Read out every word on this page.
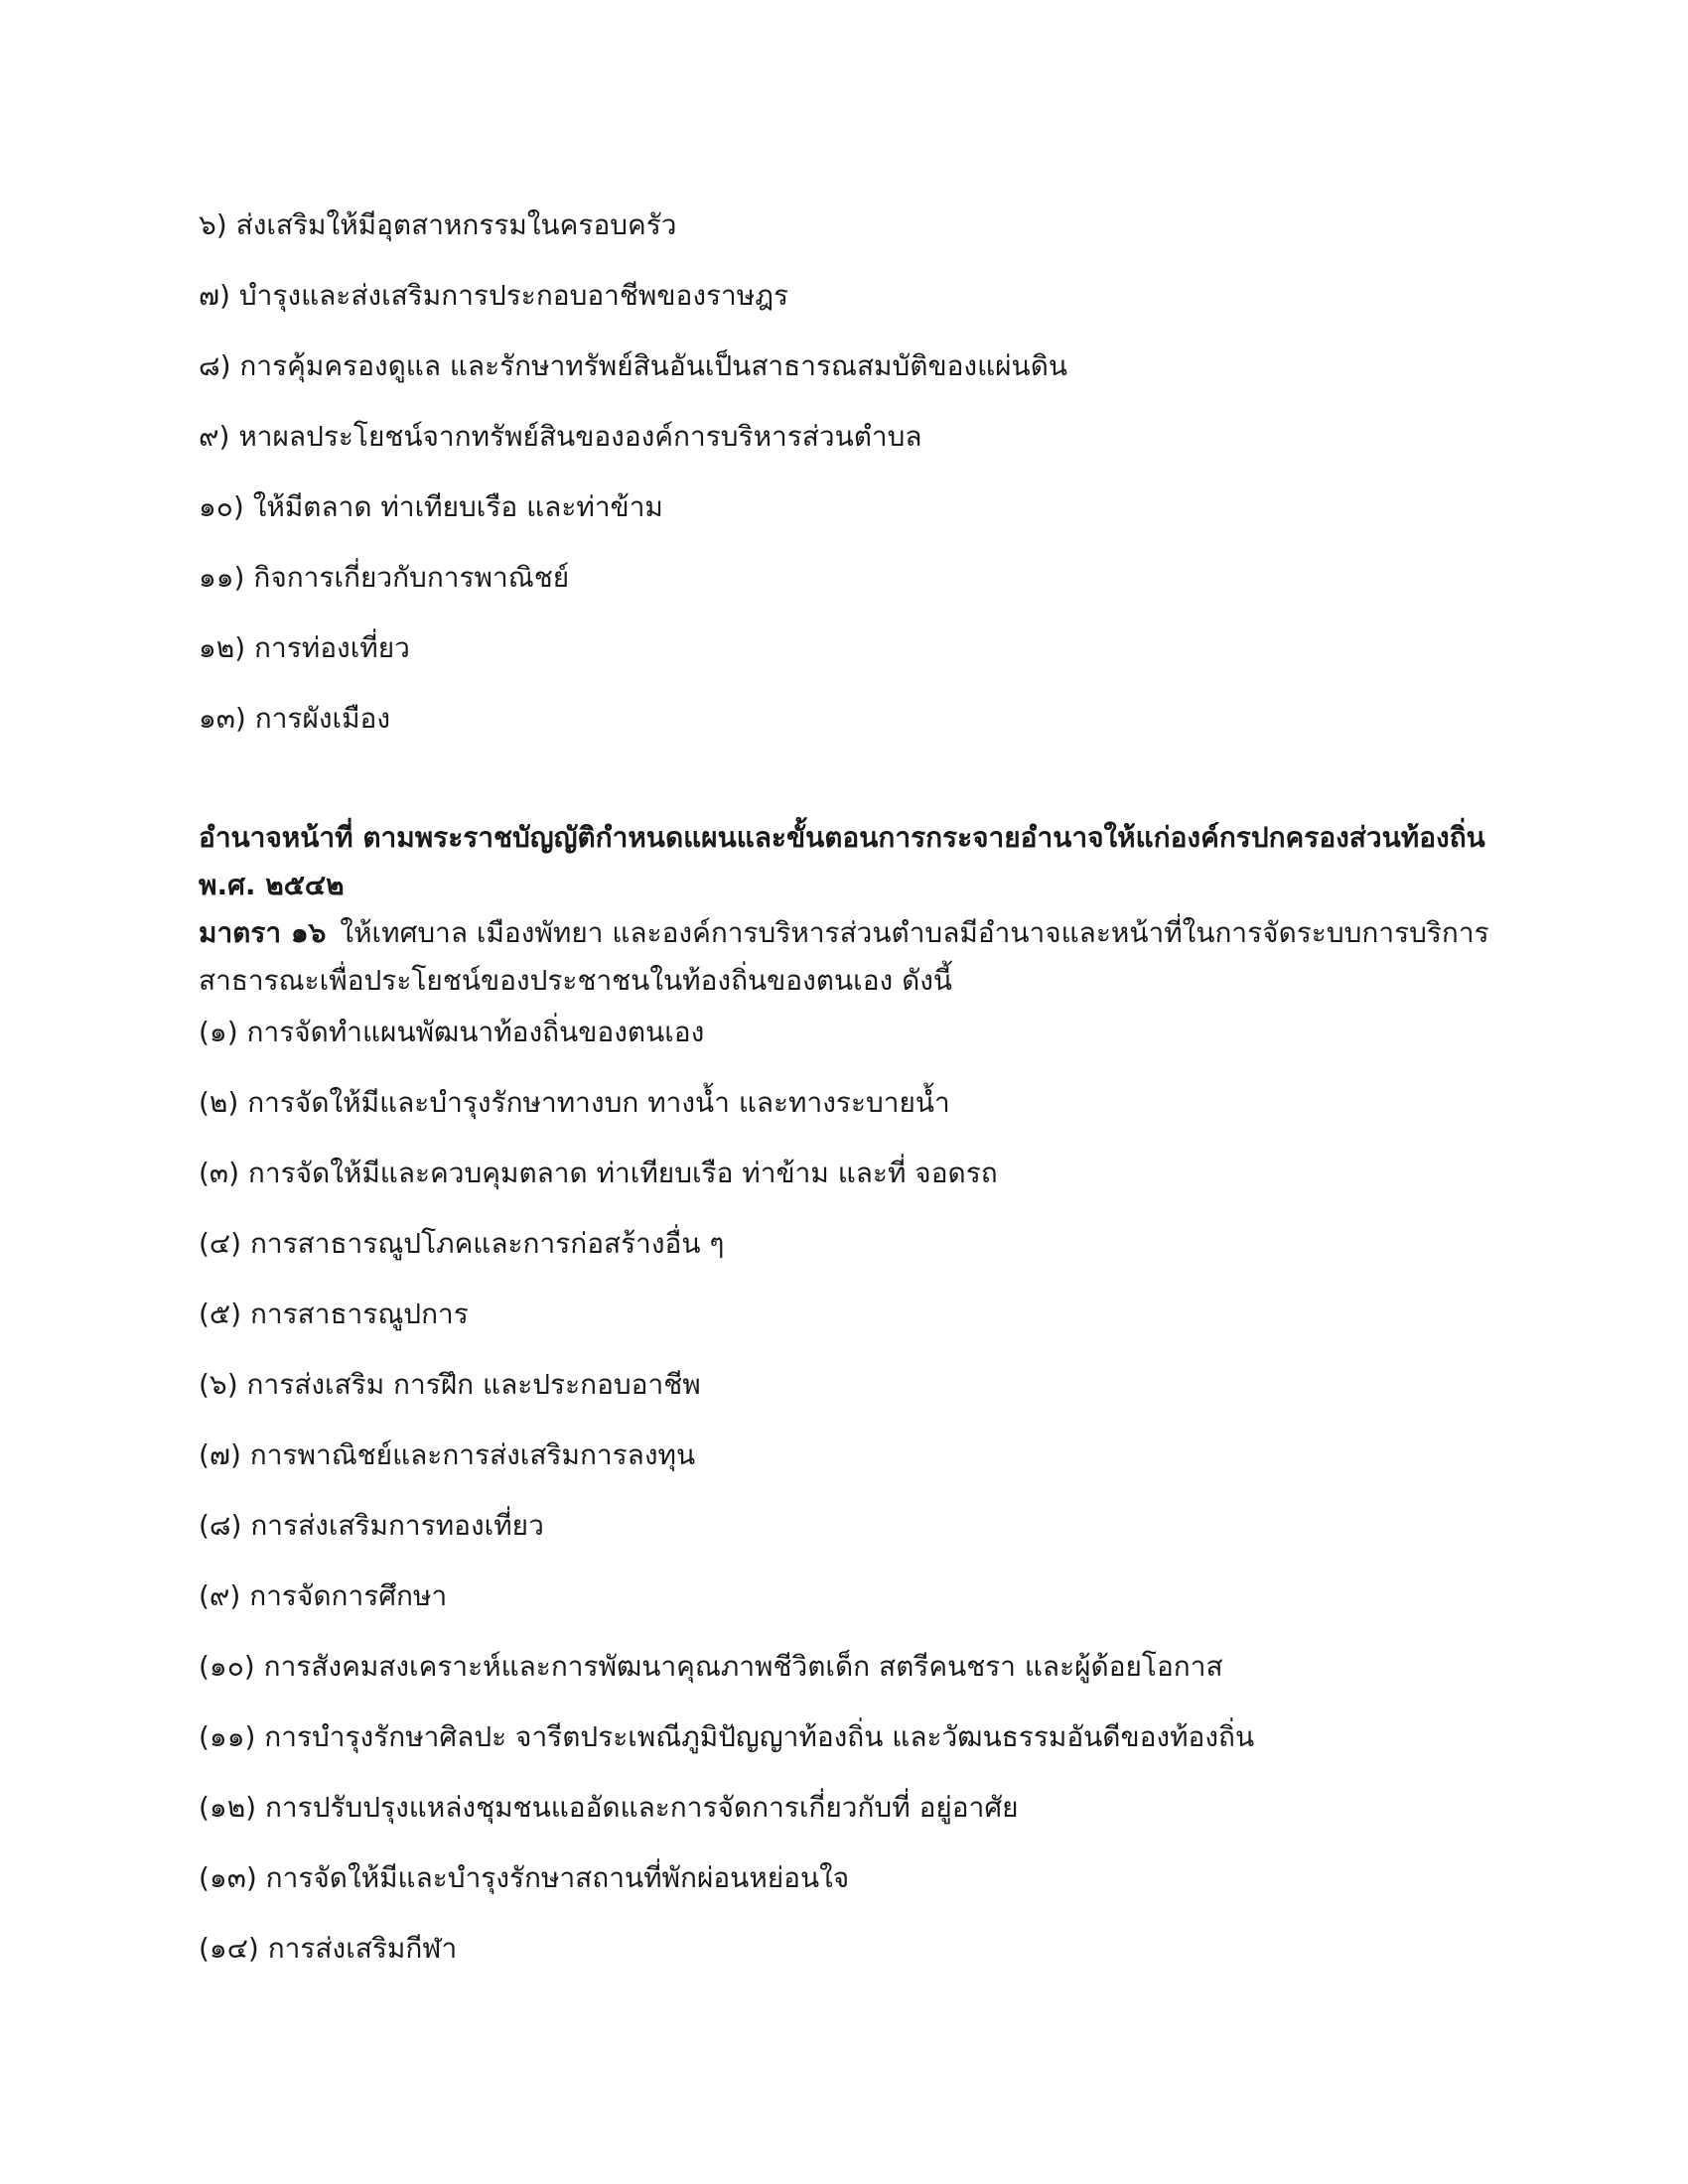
๖) ส่งเสริมให้มีอุตสาหกรรมในครอบครัว
๗) บำรุงและส่งเสริมการประกอบอาชีพของราษฎร
๘) การคุ้มครองดูแล และรักษาทรัพย์สินอันเป็นสาธารณสมบัติของแผ่นดิน
๙) หาผลประโยชน์จากทรัพย์สินขององค์การบริหารส่วนตำบล
๑๐) ให้มีตลาด ท่าเทียบเรือ และท่าข้าม
๑๑) กิจการเกี่ยวกับการพาณิชย์
๑๒) การท่องเที่ยว
๑๓) การผังเมือง
อำนาจหน้าที่ ตามพระราชบัญญัติกำหนดแผนและขั้นตอนการกระจายอำนาจให้แก่องค์กรปกครองส่วนท้องถิ่น
พ.ศ. ๒๕๔๒
มาตรา ๑๖ ให้เทศบาล เมืองพัทยา และองค์การบริหารส่วนตำบลมีอำนาจและหน้าที่ในการจัดระบบการบริการ
สาธารณะเพื่อประโยชน์ของประชาชนในท้องถิ่นของตนเอง ดังนี้
(๑) การจัดทำแผนพัฒนาท้องถิ่นของตนเอง
(๒) การจัดให้มีและบำรุงรักษาทางบก ทางน้ำ และทางระบายน้ำ
(๓) การจัดให้มีและควบคุมตลาด ท่าเทียบเรือ ท่าข้าม และที่ จอดรถ
(๔) การสาธารณูปโภคและการก่อสร้างอื่น ๆ
(๕) การสาธารณูปการ
(๖) การส่งเสริม การฝึก และประกอบอาชีพ
(๗) การพาณิชย์และการส่งเสริมการลงทุน
(๘) การส่งเสริมการทองเที่ยว
(๙) การจัดการศึกษา
(๑๐) การสังคมสงเคราะห์และการพัฒนาคุณภาพชีวิตเด็ก สตรีคนชรา และผู้ด้อยโอกาส
(๑๑) การบำรุงรักษาศิลปะ จารีตประเพณีภูมิปัญญาท้องถิ่น และวัฒนธรรมอันดีของท้องถิ่น
(๑๒) การปรับปรุงแหล่งชุมชนแออัดและการจัดการเกี่ยวกับที่ อยู่อาศัย
(๑๓) การจัดให้มีและบำรุงรักษาสถานที่พักผ่อนหย่อนใจ
(๑๔) การส่งเสริมกีฬา
